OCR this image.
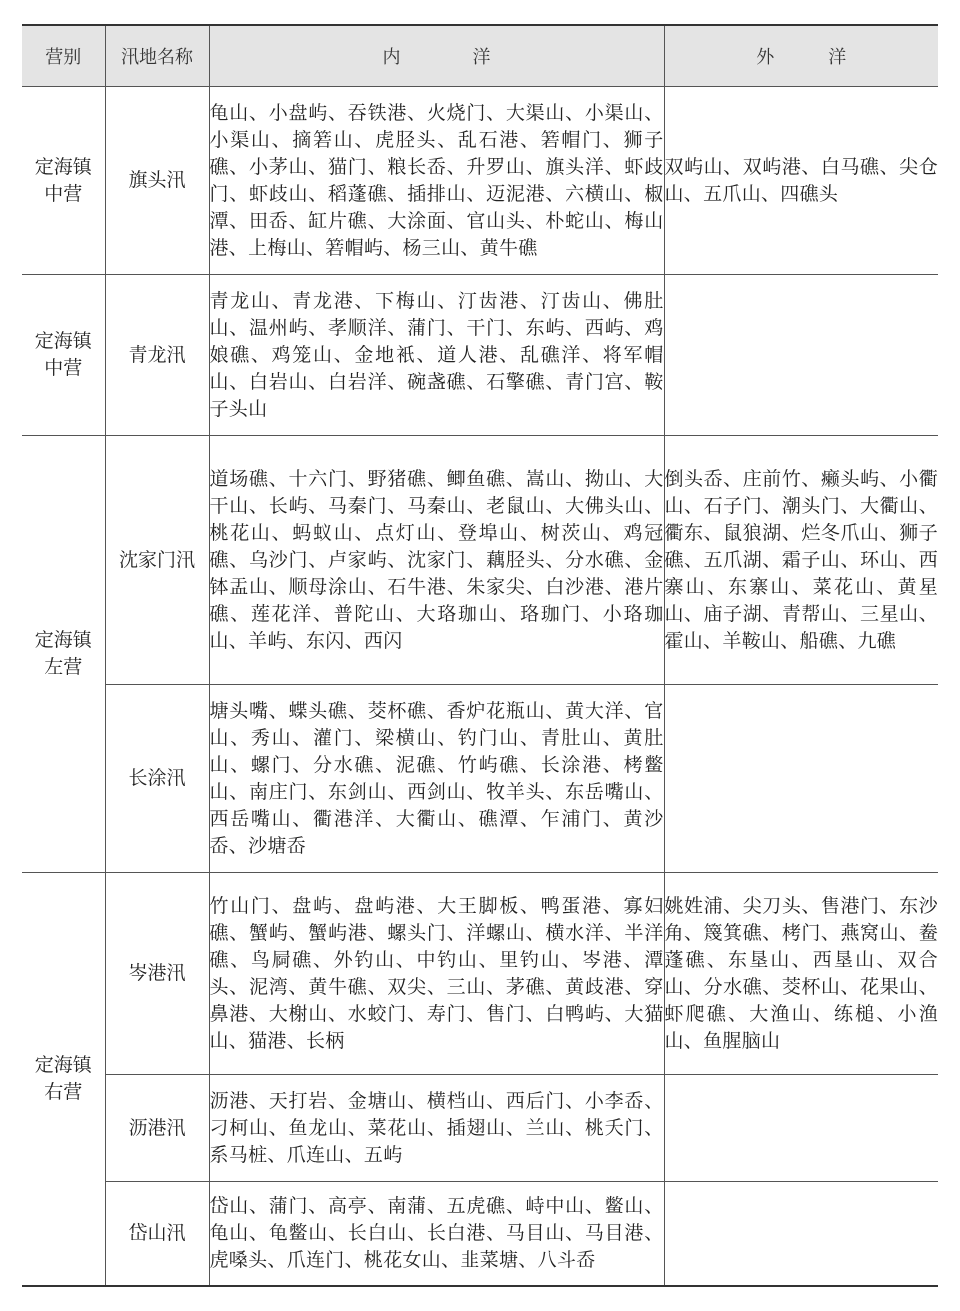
营别	汛地名称	内　　　　洋	外　　　洋
定海镇中营	旗头汛	龟山、小盘屿、吞铁港、火烧门、大渠山、小渠山、小渠山、摘箬山、虎胫头、乱石港、箬帽门、狮子礁、小茅山、猫门、粮长岙、升罗山、旗头洋、虾歧门、虾歧山、稻蓬礁、插排山、迈泥港、六横山、椒潭、田岙、缸片礁、大涂面、官山头、朴蛇山、梅山港、上梅山、箬帽屿、杨三山、黄牛礁	双屿山、双屿港、白马礁、尖仓山、五爪山、四礁头
定海镇中营	青龙汛	青龙山、青龙港、下梅山、汀齿港、汀齿山、佛肚山、温州屿、孝顺洋、蒲门、干门、东屿、西屿、鸡娘礁、鸡笼山、金地衹、道人港、乱礁洋、将军帽山、白岩山、白岩洋、碗盏礁、石擎礁、青门宫、鞍子头山	
定海镇左营	沈家门汛	道场礁、十六门、野猪礁、鲫鱼礁、嵩山、拗山、大干山、长屿、马秦门、马秦山、老鼠山、大佛头山、桃花山、蚂蚁山、点灯山、登埠山、树茨山、鸡冠礁、乌沙门、卢家屿、沈家门、藕胫头、分水礁、金钵盂山、顺母涂山、石牛港、朱家尖、白沙港、港片礁、莲花洋、普陀山、大珞珈山、珞珈门、小珞珈山、羊屿、东闪、西闪	倒头岙、庄前竹、癞头屿、小衢山、石子门、潮头门、大衢山、衢东、鼠狼湖、烂冬爪山、狮子礁、五爪湖、霜子山、环山、西寨山、东寨山、菜花山、黄星山、庙子湖、青帮山、三星山、霍山、羊鞍山、船礁、九礁
	长涂汛	塘头嘴、蝶头礁、茭杯礁、香炉花瓶山、黄大洋、官山、秀山、灌门、梁横山、钓门山、青肚山、黄肚山、螺门、分水礁、泥礁、竹屿礁、长涂港、栲鳖山、南庄门、东剑山、西剑山、牧羊头、东岳嘴山、西岳嘴山、衢港洋、大衢山、礁潭、乍浦门、黄沙岙、沙塘岙	
定海镇右营	岑港汛	竹山门、盘屿、盘屿港、大王脚板、鸭蛋港、寡妇礁、蟹屿、蟹屿港、螺头门、洋螺山、横水洋、半洋礁、鸟屙礁、外钓山、中钓山、里钓山、岑港、潭头、泥湾、黄牛礁、双尖、三山、茅礁、黄歧港、穿鼻港、大榭山、水蛟门、寿门、售门、白鸭屿、大猫山、猫港、长柄	姚姓浦、尖刀头、售港门、东沙角、篾箕礁、栲门、燕窝山、鲞蓬礁、东垦山、西垦山、双合山、分水礁、茭杯山、花果山、虾爬礁、大渔山、练槌、小渔山、鱼腥脑山
	沥港汛	沥港、天打岩、金塘山、横档山、西后门、小李岙、刁柯山、鱼龙山、菜花山、插翅山、兰山、桃夭门、系马桩、爪连山、五屿	
	岱山汛	岱山、蒲门、高亭、南蒲、五虎礁、峙中山、鳖山、龟山、龟鳖山、长白山、长白港、马目山、马目港、虎嗓头、爪连门、桃花女山、韭菜塘、八斗岙	
